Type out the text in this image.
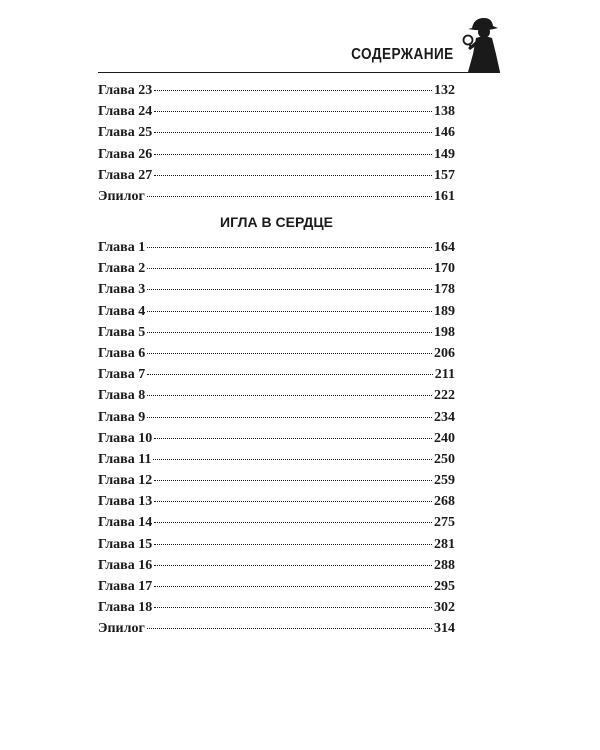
СОДЕРЖАНИЕ
Глава 23	132
Глава 24	138
Глава 25	146
Глава 26	149
Глава 27	157
Эпилог	161
ИГЛА В СЕРДЦЕ
Глава 1	164
Глава 2	170
Глава 3	178
Глава 4	189
Глава 5	198
Глава 6	206
Глава 7	211
Глава 8	222
Глава 9	234
Глава 10	240
Глава 11	250
Глава 12	259
Глава 13	268
Глава 14	275
Глава 15	281
Глава 16	288
Глава 17	295
Глава 18	302
Эпилог	314
